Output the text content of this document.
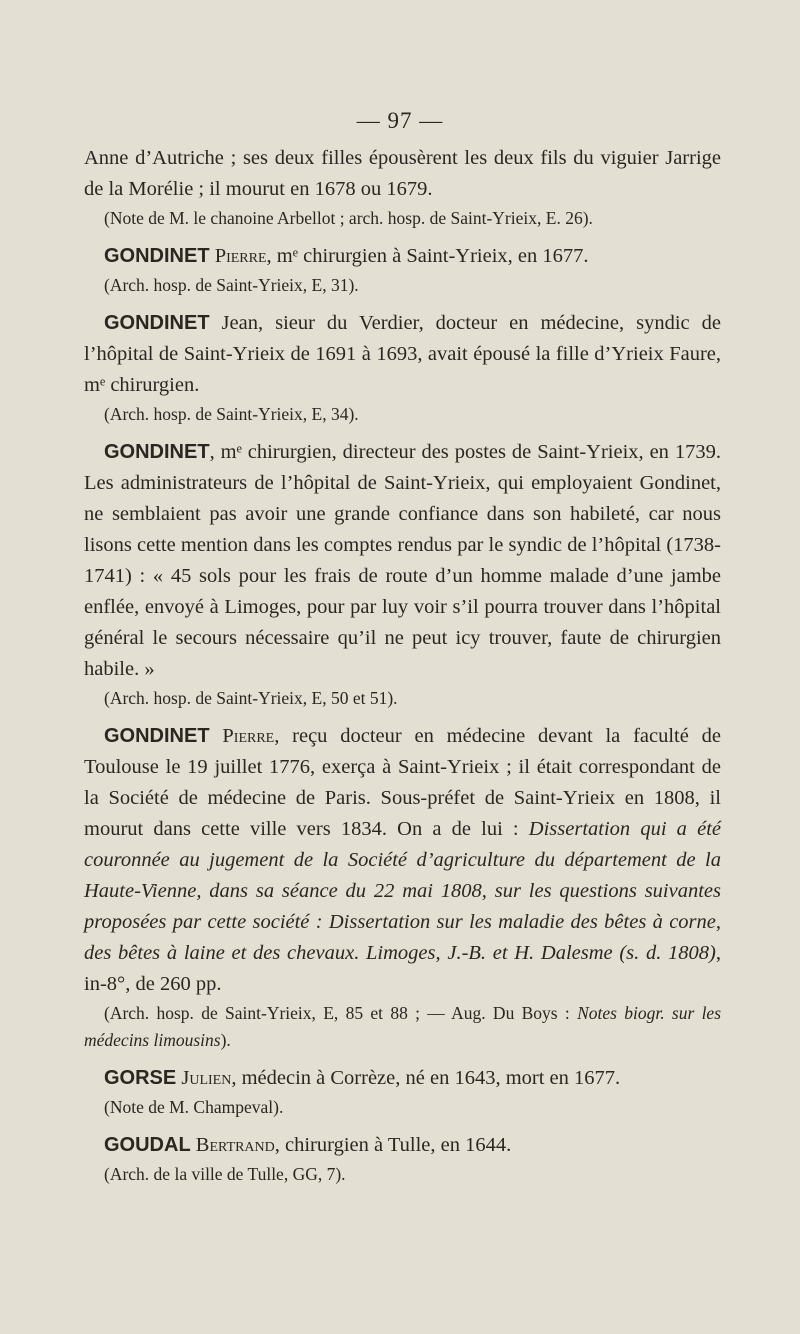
— 97 —

Anne d’Autriche ; ses deux filles épousèrent les deux fils du viguier Jarrige de la Morélie ; il mourut en 1678 ou 1679.

(Note de M. le chanoine Arbellot ; arch. hosp. de Saint-Yrieix, E. 26).

GONDINET Pierre, mᵉ chirurgien à Saint-Yrieix, en 1677.

(Arch. hosp. de Saint-Yrieix, E, 31).

GONDINET Jean, sieur du Verdier, docteur en médecine, syndic de l’hôpital de Saint-Yrieix de 1691 à 1693, avait épousé la fille d’Yrieix Faure, mᵉ chirurgien.

(Arch. hosp. de Saint-Yrieix, E, 34).

GONDINET, mᵉ chirurgien, directeur des postes de Saint-Yrieix, en 1739. Les administrateurs de l’hôpital de Saint-Yrieix, qui employaient Gondinet, ne semblaient pas avoir une grande confiance dans son habileté, car nous lisons cette mention dans les comptes rendus par le syndic de l’hôpital (1738-1741) : « 45 sols pour les frais de route d’un homme malade d’une jambe enflée, envoyé à Limoges, pour par luy voir s’il pourra trouver dans l’hôpital général le secours nécessaire qu’il ne peut icy trouver, faute de chirurgien habile. »

(Arch. hosp. de Saint-Yrieix, E, 50 et 51).

GONDINET Pierre, reçu docteur en médecine devant la faculté de Toulouse le 19 juillet 1776, exerça à Saint-Yrieix ; il était correspondant de la Société de médecine de Paris. Sous-préfet de Saint-Yrieix en 1808, il mourut dans cette ville vers 1834. On a de lui : Dissertation qui a été couronnée au jugement de la Société d’agriculture du département de la Haute-Vienne, dans sa séance du 22 mai 1808, sur les questions suivantes proposées par cette société : Dissertation sur les maladie des bêtes à corne, des bêtes à laine et des chevaux. Limoges, J.-B. et H. Dalesme (s. d. 1808), in-8°, de 260 pp.

(Arch. hosp. de Saint-Yrieix, E, 85 et 88 ; — Aug. Du Boys : Notes biogr. sur les médecins limousins).

GORSE Julien, médecin à Corrèze, né en 1643, mort en 1677.

(Note de M. Champeval).

GOUDAL Bertrand, chirurgien à Tulle, en 1644.

(Arch. de la ville de Tulle, GG, 7).
